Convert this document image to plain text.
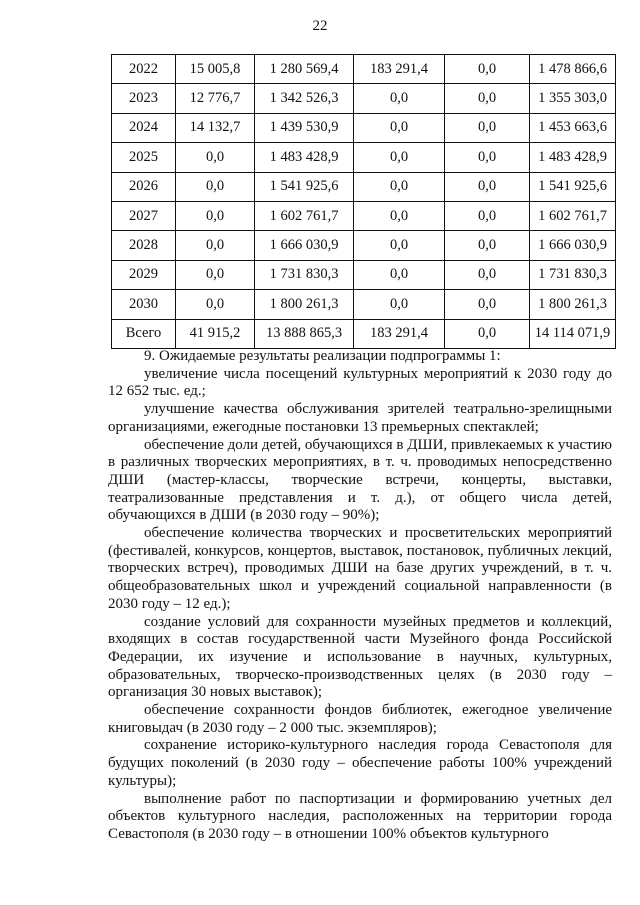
22
2022	15 005,8	1 280 569,4	183 291,4	0,0	1 478 866,6
2023	12 776,7	1 342 526,3	0,0	0,0	1 355 303,0
2024	14 132,7	1 439 530,9	0,0	0,0	1 453 663,6
2025	0,0	1 483 428,9	0,0	0,0	1 483 428,9
2026	0,0	1 541 925,6	0,0	0,0	1 541 925,6
2027	0,0	1 602 761,7	0,0	0,0	1 602 761,7
2028	0,0	1 666 030,9	0,0	0,0	1 666 030,9
2029	0,0	1 731 830,3	0,0	0,0	1 731 830,3
2030	0,0	1 800 261,3	0,0	0,0	1 800 261,3
Всего	41 915,2	13 888 865,3	183 291,4	0,0	14 114 071,9

9. Ожидаемые результаты реализации подпрограммы 1:

увеличение числа посещений культурных мероприятий к 2030 году до 12 652 тыс. ед.;

улучшение качества обслуживания зрителей театрально-зрелищными организациями, ежегодные постановки 13 премьерных спектаклей;

обеспечение доли детей, обучающихся в ДШИ, привлекаемых к участию в различных творческих мероприятиях, в т. ч. проводимых непосредственно ДШИ (мастер-классы, творческие встречи, концерты, выставки, театрализованные представления и т. д.), от общего числа детей, обучающихся в ДШИ (в 2030 году – 90%);

обеспечение количества творческих и просветительских мероприятий (фестивалей, конкурсов, концертов, выставок, постановок, публичных лекций, творческих встреч), проводимых ДШИ на базе других учреждений, в т. ч. общеобразовательных школ и учреждений социальной направленности (в 2030 году – 12 ед.);

создание условий для сохранности музейных предметов и коллекций, входящих в состав государственной части Музейного фонда Российской Федерации, их изучение и использование в научных, культурных, образовательных, творческо-производственных целях (в 2030 году – организация 30 новых выставок);

обеспечение сохранности фондов библиотек, ежегодное увеличение книговыдач (в 2030 году – 2 000 тыс. экземпляров);

сохранение историко-культурного наследия города Севастополя для будущих поколений (в 2030 году – обеспечение работы 100% учреждений культуры);

выполнение работ по паспортизации и формированию учетных дел объектов культурного наследия, расположенных на территории города Севастополя (в 2030 году – в отношении 100% объектов культурного
